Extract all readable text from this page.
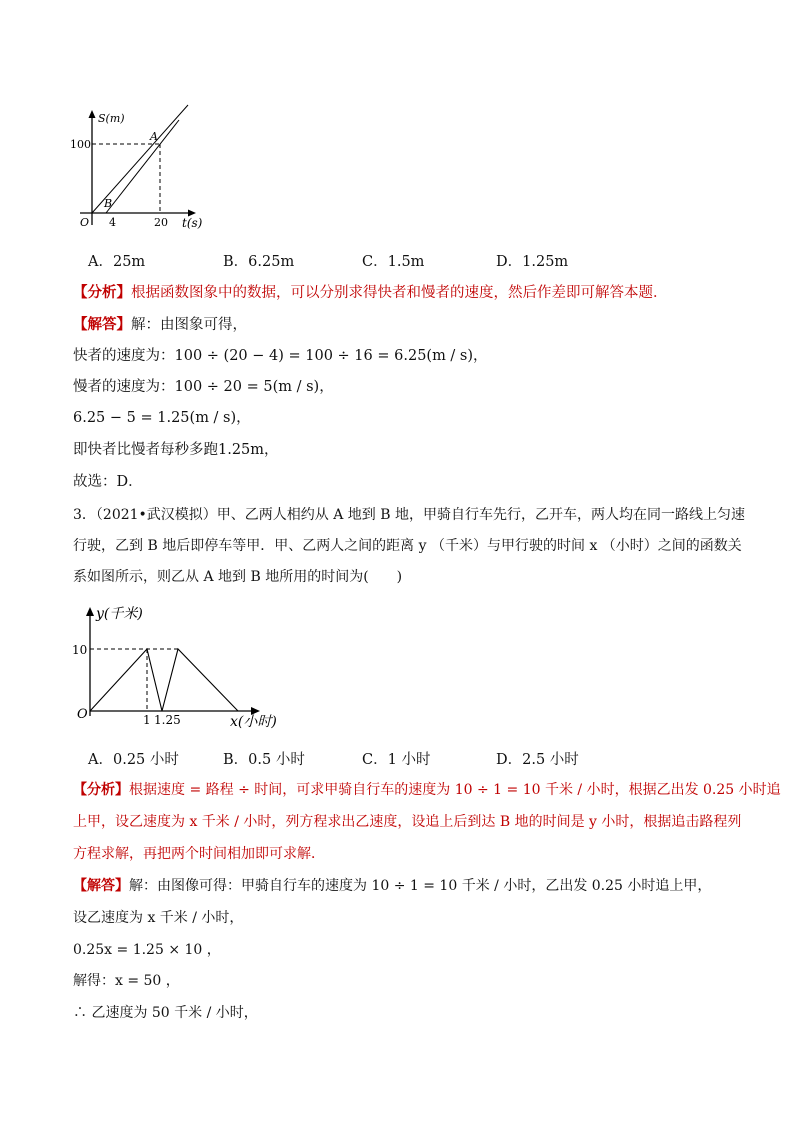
S(m)
100
A
B
O 4	20 t(s)
A．25m	B．6.25m	C．1.5m	D．1.25m
【分析】根据函数图象中的数据，可以分别求得快者和慢者的速度，然后作差即可解答本题．
【解答】解：由图象可得，
快者的速度为：100 ÷ (20 − 4) = 100 ÷ 16 = 6.25(m / s)，
慢者的速度为：100 ÷ 20 = 5(m / s)，
6.25 − 5 = 1.25(m / s)，
即快者比慢者每秒多跑1.25m，
故选：D．
3．（2021•武汉模拟）甲、乙两人相约从 A 地到 B 地，甲骑自行车先行，乙开车，两人均在同一路线上匀速
行驶，乙到 B 地后即停车等甲．甲、乙两人之间的距离 y （千米）与甲行驶的时间 x （小时）之间的函数关
系如图所示，则乙从 A 地到 B 地所用的时间为(　　)
y(千米)
10
O	1 1.25	x(小时)
A．0.25 小时	B．0.5 小时	C．1 小时	D．2.5 小时
【分析】根据速度 = 路程 ÷ 时间，可求甲骑自行车的速度为 10 ÷ 1 = 10 千米 / 小时，根据乙出发 0.25 小时追
上甲，设乙速度为 x 千米 / 小时，列方程求出乙速度，设追上后到达 B 地的时间是 y 小时，根据追击路程列
方程求解，再把两个时间相加即可求解．
【解答】解：由图像可得：甲骑自行车的速度为 10 ÷ 1 = 10 千米 / 小时，乙出发 0.25 小时追上甲，
设乙速度为 x 千米 / 小时，
0.25x = 1.25 × 10 ，
解得：x = 50 ，
∴ 乙速度为 50 千米 / 小时，
